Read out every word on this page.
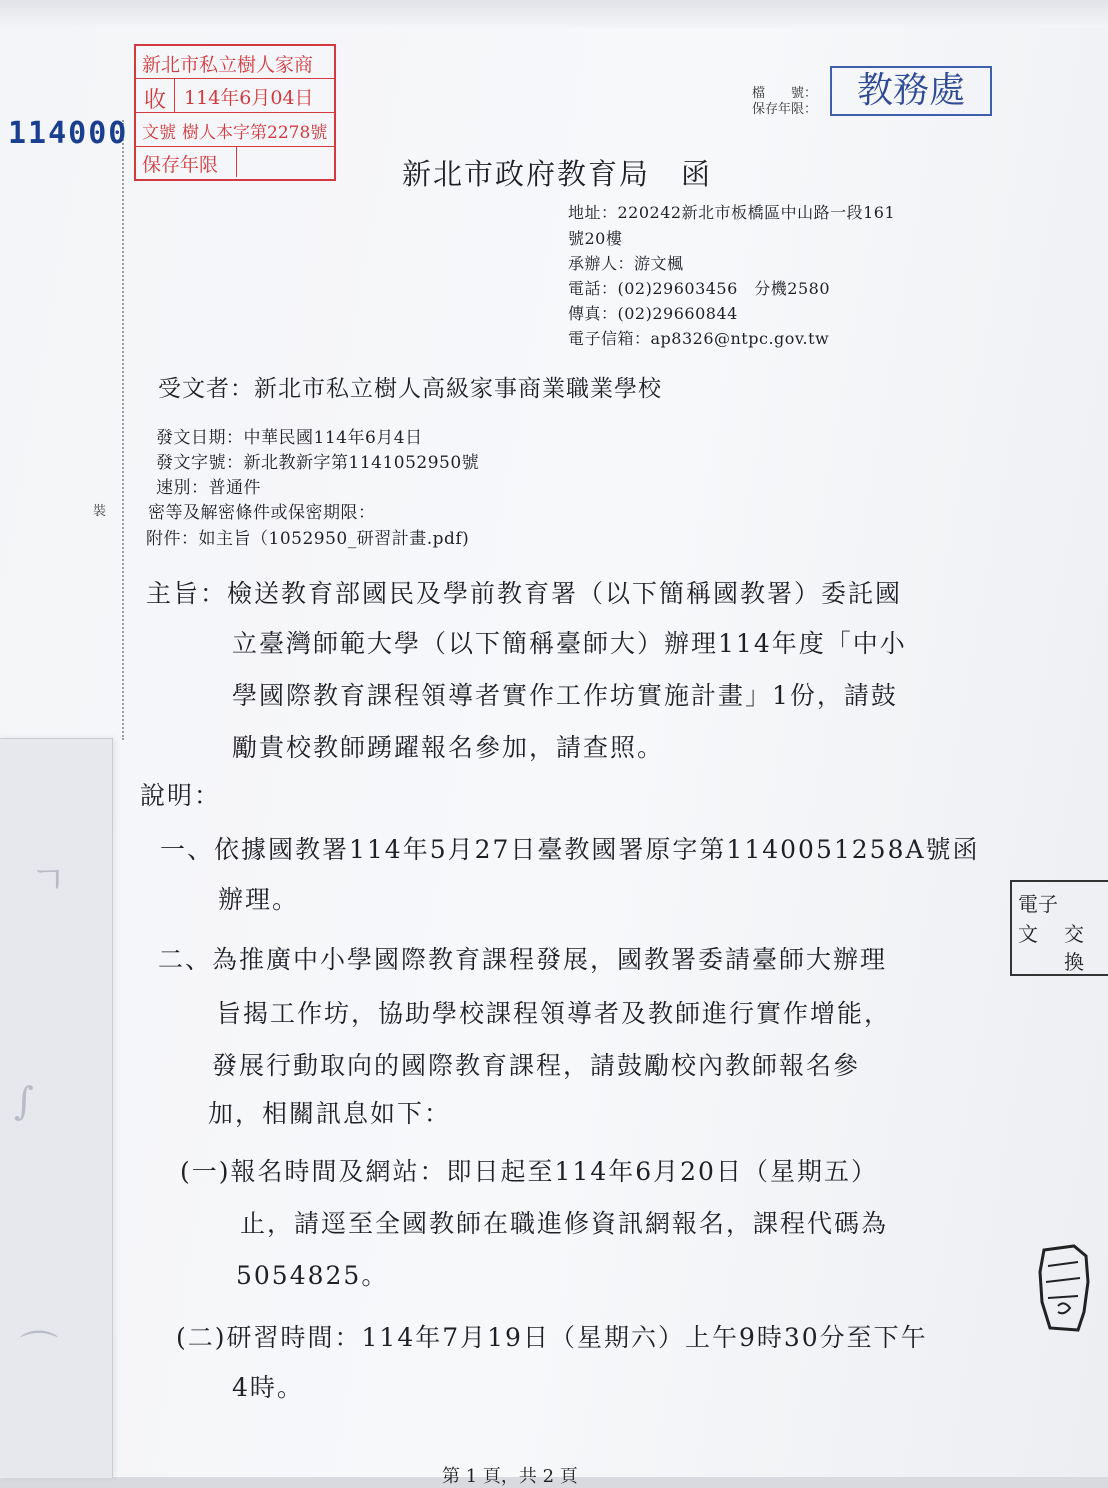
ㄱ
∫
⌒
裝
新北市私立樹人家商
收 114年6月04日
文號 樹人本字第2278號
保存年限
114000
檔　　號：
保存年限：	教務處
新北市政府教育局　函
地址：220242新北市板橋區中山路一段161
號20樓
承辦人：游文楓
電話：(02)29603456　分機2580
傳真：(02)29660844
電子信箱：ap8326@ntpc.gov.tw
受文者：新北市私立樹人高級家事商業職業學校
發文日期：中華民國114年6月4日
發文字號：新北教新字第1141052950號
速別：普通件
密等及解密條件或保密期限：
附件：如主旨（1052950_研習計畫.pdf)
主旨：檢送教育部國民及學前教育署（以下簡稱國教署）委託國
立臺灣師範大學（以下簡稱臺師大）辦理114年度「中小
學國際教育課程領導者實作工作坊實施計畫」1份，請鼓
勵貴校教師踴躍報名參加，請查照。
說明：
一、依據國教署114年5月27日臺教國署原字第1140051258A號函
辦理。
二、為推廣中小學國際教育課程發展，國教署委請臺師大辦理
旨揭工作坊，協助學校課程領導者及教師進行實作增能，
發展行動取向的國際教育課程，請鼓勵校內教師報名參
加，相關訊息如下：
(一)報名時間及網站：即日起至114年6月20日（星期五）
止，請逕至全國教師在職進修資訊網報名，課程代碼為
5054825。
(二)研習時間：114年7月19日（星期六）上午9時30分至下午
4時。
第 1 頁，共 2 頁
電子
文 交
換
